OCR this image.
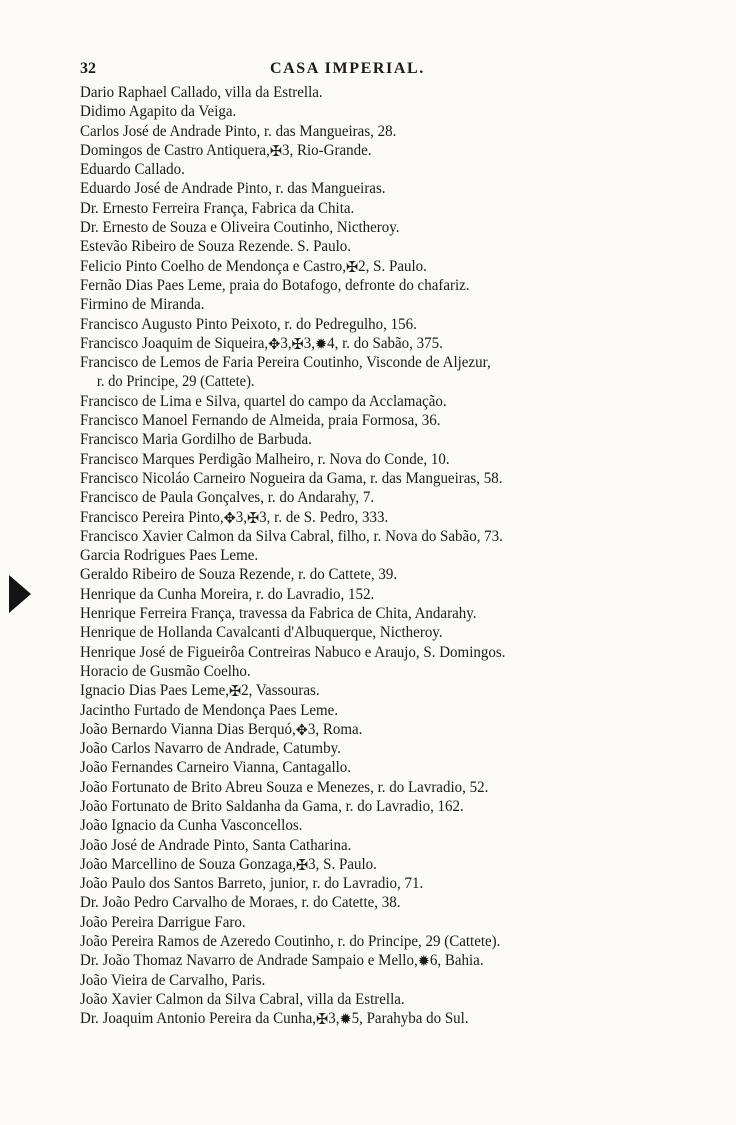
32	CASA IMPERIAL.
Dario Raphael Callado, villa da Estrella.
Didimo Agapito da Veiga.
Carlos José de Andrade Pinto, r. das Mangueiras, 28.
Domingos de Castro Antiquera,✠3, Rio-Grande.
Eduardo Callado.
Eduardo José de Andrade Pinto, r. das Mangueiras.
Dr. Ernesto Ferreira França, Fabrica da Chita.
Dr. Ernesto de Souza e Oliveira Coutinho, Nictheroy.
Estevão Ribeiro de Souza Rezende. S. Paulo.
Felicio Pinto Coelho de Mendonça e Castro,✠2, S. Paulo.
Fernão Dias Paes Leme, praia do Botafogo, defronte do chafariz.
Firmino de Miranda.
Francisco Augusto Pinto Peixoto, r. do Pedregulho, 156.
Francisco Joaquim de Siqueira,✥3,✠3,✹4, r. do Sabão, 375.
Francisco de Lemos de Faria Pereira Coutinho, Visconde de Aljezur,
r. do Principe, 29 (Cattete).
Francisco de Lima e Silva, quartel do campo da Acclamação.
Francisco Manoel Fernando de Almeida, praia Formosa, 36.
Francisco Maria Gordilho de Barbuda.
Francisco Marques Perdigão Malheiro, r. Nova do Conde, 10.
Francisco Nicoláo Carneiro Nogueira da Gama, r. das Mangueiras, 58.
Francisco de Paula Gonçalves, r. do Andarahy, 7.
Francisco Pereira Pinto,✥3,✠3, r. de S. Pedro, 333.
Francisco Xavier Calmon da Silva Cabral, filho, r. Nova do Sabão, 73.
Garcia Rodrigues Paes Leme.
Geraldo Ribeiro de Souza Rezende, r. do Cattete, 39.
Henrique da Cunha Moreira, r. do Lavradio, 152.
Henrique Ferreira França, travessa da Fabrica de Chita, Andarahy.
Henrique de Hollanda Cavalcanti d'Albuquerque, Nictheroy.
Henrique José de Figueirôa Contreiras Nabuco e Araujo, S. Domingos.
Horacio de Gusmão Coelho.
Ignacio Dias Paes Leme,✠2, Vassouras.
Jacintho Furtado de Mendonça Paes Leme.
João Bernardo Vianna Dias Berquó,✥3, Roma.
João Carlos Navarro de Andrade, Catumby.
João Fernandes Carneiro Vianna, Cantagallo.
João Fortunato de Brito Abreu Souza e Menezes, r. do Lavradio, 52.
João Fortunato de Brito Saldanha da Gama, r. do Lavradio, 162.
João Ignacio da Cunha Vasconcellos.
João José de Andrade Pinto, Santa Catharina.
João Marcellino de Souza Gonzaga,✠3, S. Paulo.
João Paulo dos Santos Barreto, junior, r. do Lavradio, 71.
Dr. João Pedro Carvalho de Moraes, r. do Catette, 38.
João Pereira Darrigue Faro.
João Pereira Ramos de Azeredo Coutinho, r. do Principe, 29 (Cattete).
Dr. João Thomaz Navarro de Andrade Sampaio e Mello,✹6, Bahia.
João Vieira de Carvalho, Paris.
João Xavier Calmon da Silva Cabral, villa da Estrella.
Dr. Joaquim Antonio Pereira da Cunha,✠3,✹5, Parahyba do Sul.
